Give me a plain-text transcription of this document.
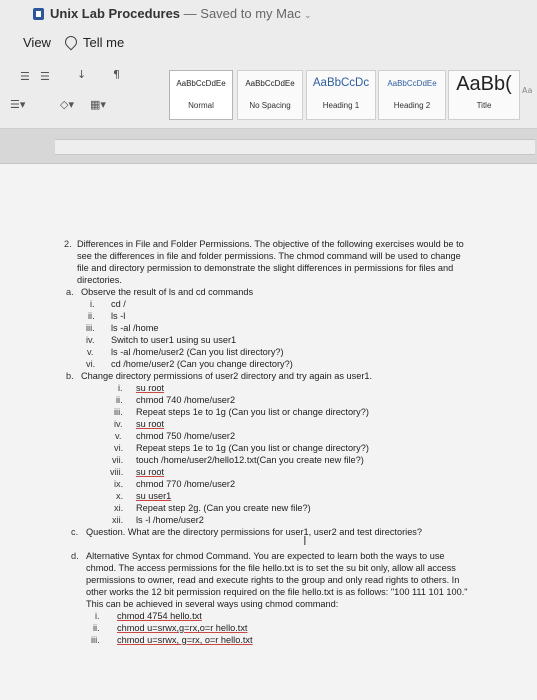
Unix Lab Procedures — Saved to my Mac ⌄
View Tell me
☰ ☰ ↓ ¶
☰▾	◇▾ ▦▾
AaBbCcDdEe
Normal
AaBbCcDdEe
No Spacing
AaBbCcDc
Heading 1
AaBbCcDdEe
Heading 2
AaBb(
Title
Aa
2. Differences in File and Folder Permissions. The objective of the following exercises would be to
see the differences in file and folder permissions. The chmod command will be used to change
file and directory permission to demonstrate the slight differences in permissions for files and
directories.
a. Observe the result of ls and cd commands
i. cd /
ii. ls -l
iii. ls -al /home
iv. Switch to user1 using su user1
v. ls -al /home/user2 (Can you list directory?)
vi. cd /home/user2 (Can you change directory?)
b. Change directory permissions of user2 directory and try again as user1.
i. su root
ii. chmod 740 /home/user2
iii. Repeat steps 1e to 1g (Can you list or change directory?)
iv. su root
v. chmod 750 /home/user2
vi. Repeat steps 1e to 1g (Can you list or change directory?)
vii. touch /home/user2/hello12.txt(Can you create new file?)
viii. su root
ix. chmod 770 /home/user2
x. su user1
xi. Repeat step 2g. (Can you create new file?)
xii. ls -l /home/user2
c. Question. What are the directory permissions for user1, user2 and test directories?
d. Alternative Syntax for chmod Command. You are expected to learn both the ways to use
chmod. The access permissions for the file hello.txt is to set the su bit only, allow all access
permissions to owner, read and execute rights to the group and only read rights to others. In
other works the 12 bit permission required on the file hello.txt is as follows: "100 111 101 100."
This can be achieved in several ways using chmod command:
i. chmod 4754 hello.txt
ii. chmod u=srwx,g=rx,o=r hello.txt
iii. chmod u=srwx, g=rx, o=r hello.txt
I
